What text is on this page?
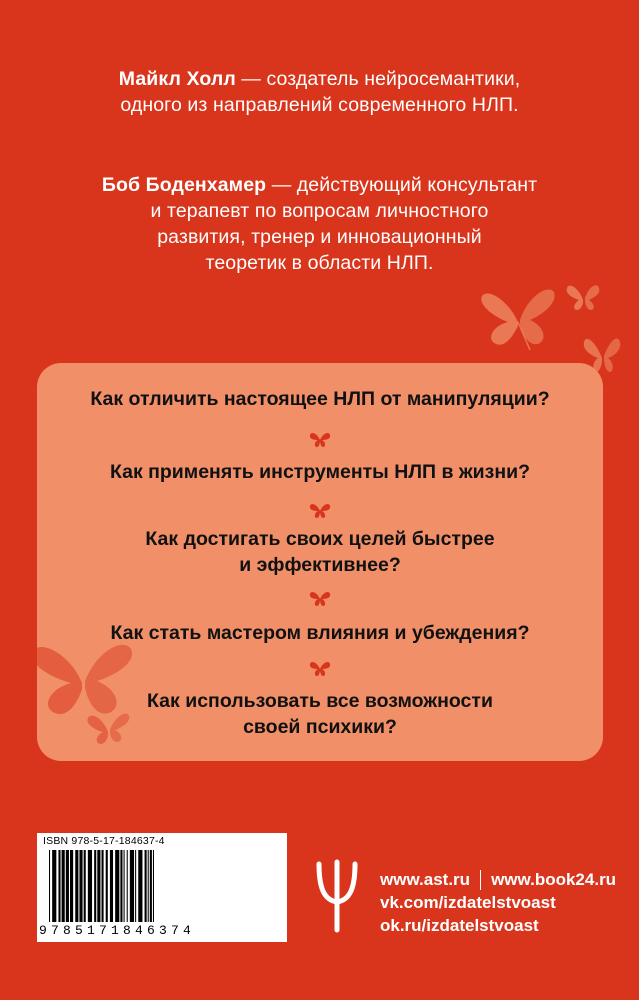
Майкл Холл — создатель нейросемантики,
одного из направлений современного НЛП.
Боб Боденхамер — действующий консультант
и терапевт по вопросам личностного
развития, тренер и инновационный
теоретик в области НЛП.
Как отличить настоящее НЛП от манипуляции?
Как применять инструменты НЛП в жизни?
Как достигать своих целей быстрее
и эффективнее?
Как стать мастером влияния и убеждения?
Как использовать все возможности
своей психики?
ISBN 978-5-17-184637-4
9785171846374
www.ast.ru www.book24.ru
vk.com/izdatelstvoast
ok.ru/izdatelstvoast
